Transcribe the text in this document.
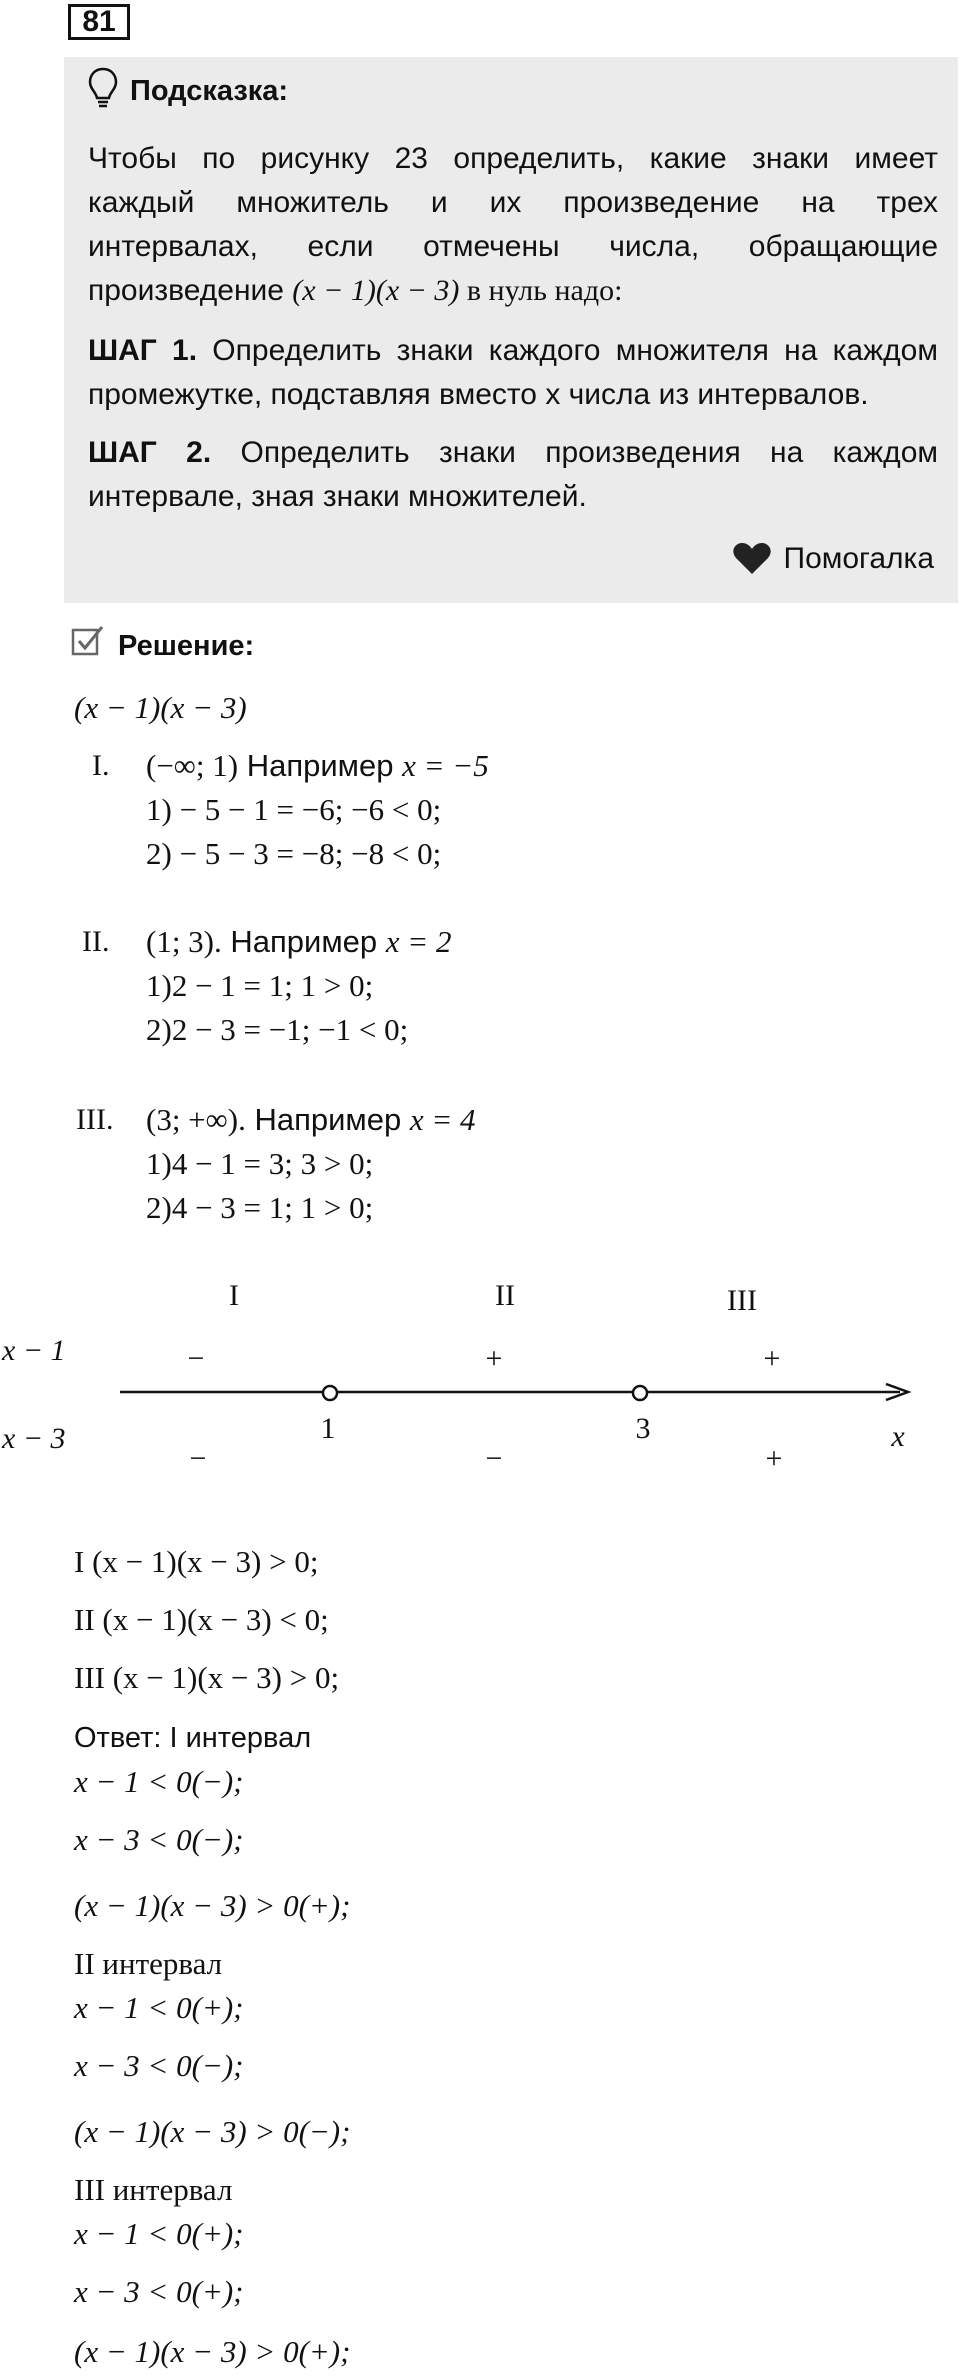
81
Подсказка:
Чтобы по рисунку 23 определить, какие знаки имеет
каждый множитель и их произведение на трех
интервалах, если отмечены числа, обращающие
произведение (x − 1)(x − 3) в нуль надо:
ШАГ 1. Определить знаки каждого множителя на каждом промежутке, подставляя вместо х числа из интервалов.
ШАГ 2. Определить знаки произведения на каждом интервале, зная знаки множителей.
Помогалка
Решение:
(x − 1)(x − 3)
I. (−∞; 1) Например x = −5
1) − 5 − 1 = −6; −6 < 0;
2) − 5 − 3 = −8; −8 < 0;
II. (1; 3). Например x = 2
1)2 − 1 = 1; 1 > 0;
2)2 − 3 = −1; −1 < 0;
III. (3; +∞). Например x = 4
1)4 − 1 = 3; 3 > 0;
2)4 − 3 = 1; 1 > 0;
I	II	III
x − 1
x − 3
−	+	+
1	3	x
−	−	+
I (x − 1)(x − 3) > 0;
II (x − 1)(x − 3) < 0;
III (x − 1)(x − 3) > 0;
Ответ: I интервал
x − 1 < 0(−);
x − 3 < 0(−);
(x − 1)(x − 3) > 0(+);
II интервал
x − 1 < 0(+);
x − 3 < 0(−);
(x − 1)(x − 3) > 0(−);
III интервал
x − 1 < 0(+);
x − 3 < 0(+);
(x − 1)(x − 3) > 0(+);
